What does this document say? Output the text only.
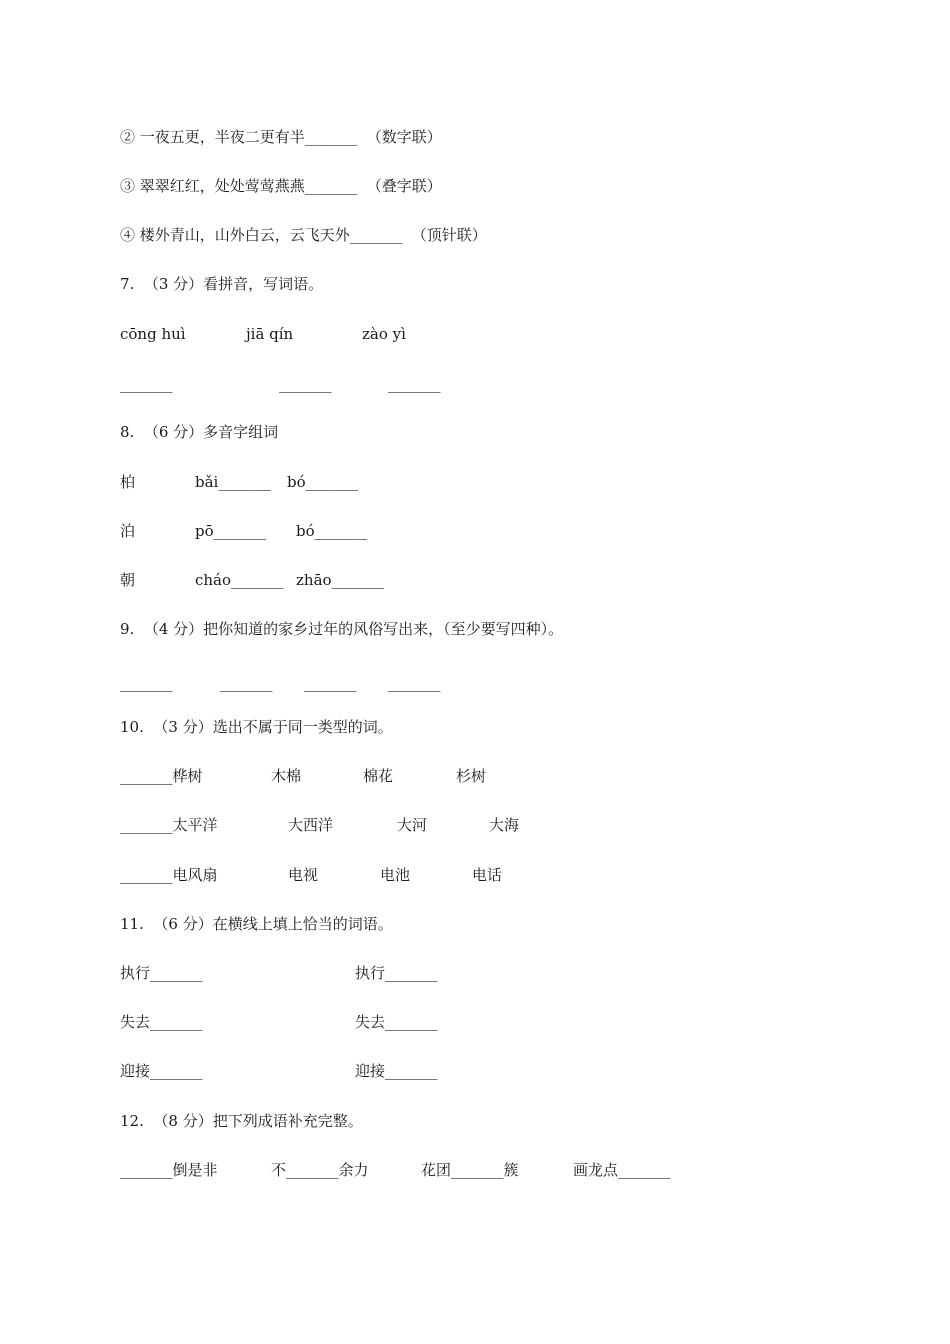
② 一夜五更，半夜二更有半_______  （数字联）
③ 翠翠红红，处处莺莺燕燕_______  （叠字联）
④ 楼外青山，山外白云，云飞天外_______  （顶针联）
7.  （3 分）看拼音，写词语。
cōng huì	jiā qín	zào yì
_______	_______	_______
8.  （6 分）多音字组词
柏	bǎi_______ bó_______
泊	pō_______ bó_______
朝	cháo_______ zhāo_______
9.  （4 分）把你知道的家乡过年的风俗写出来，（至少要写四种）。
_______	_______ _______ _______
10.  （3 分）选出不属于同一类型的词。
_______桦树	木棉	棉花	杉树
_______太平洋	大西洋	大河	大海
_______电风扇	电视	电池	电话
11.  （6 分）在横线上填上恰当的词语。
执行_______	执行_______
失去_______	失去_______
迎接_______	迎接_______
12.  （8 分）把下列成语补充完整。
_______倒是非	不_______余力	花团_______簇	画龙点_______
